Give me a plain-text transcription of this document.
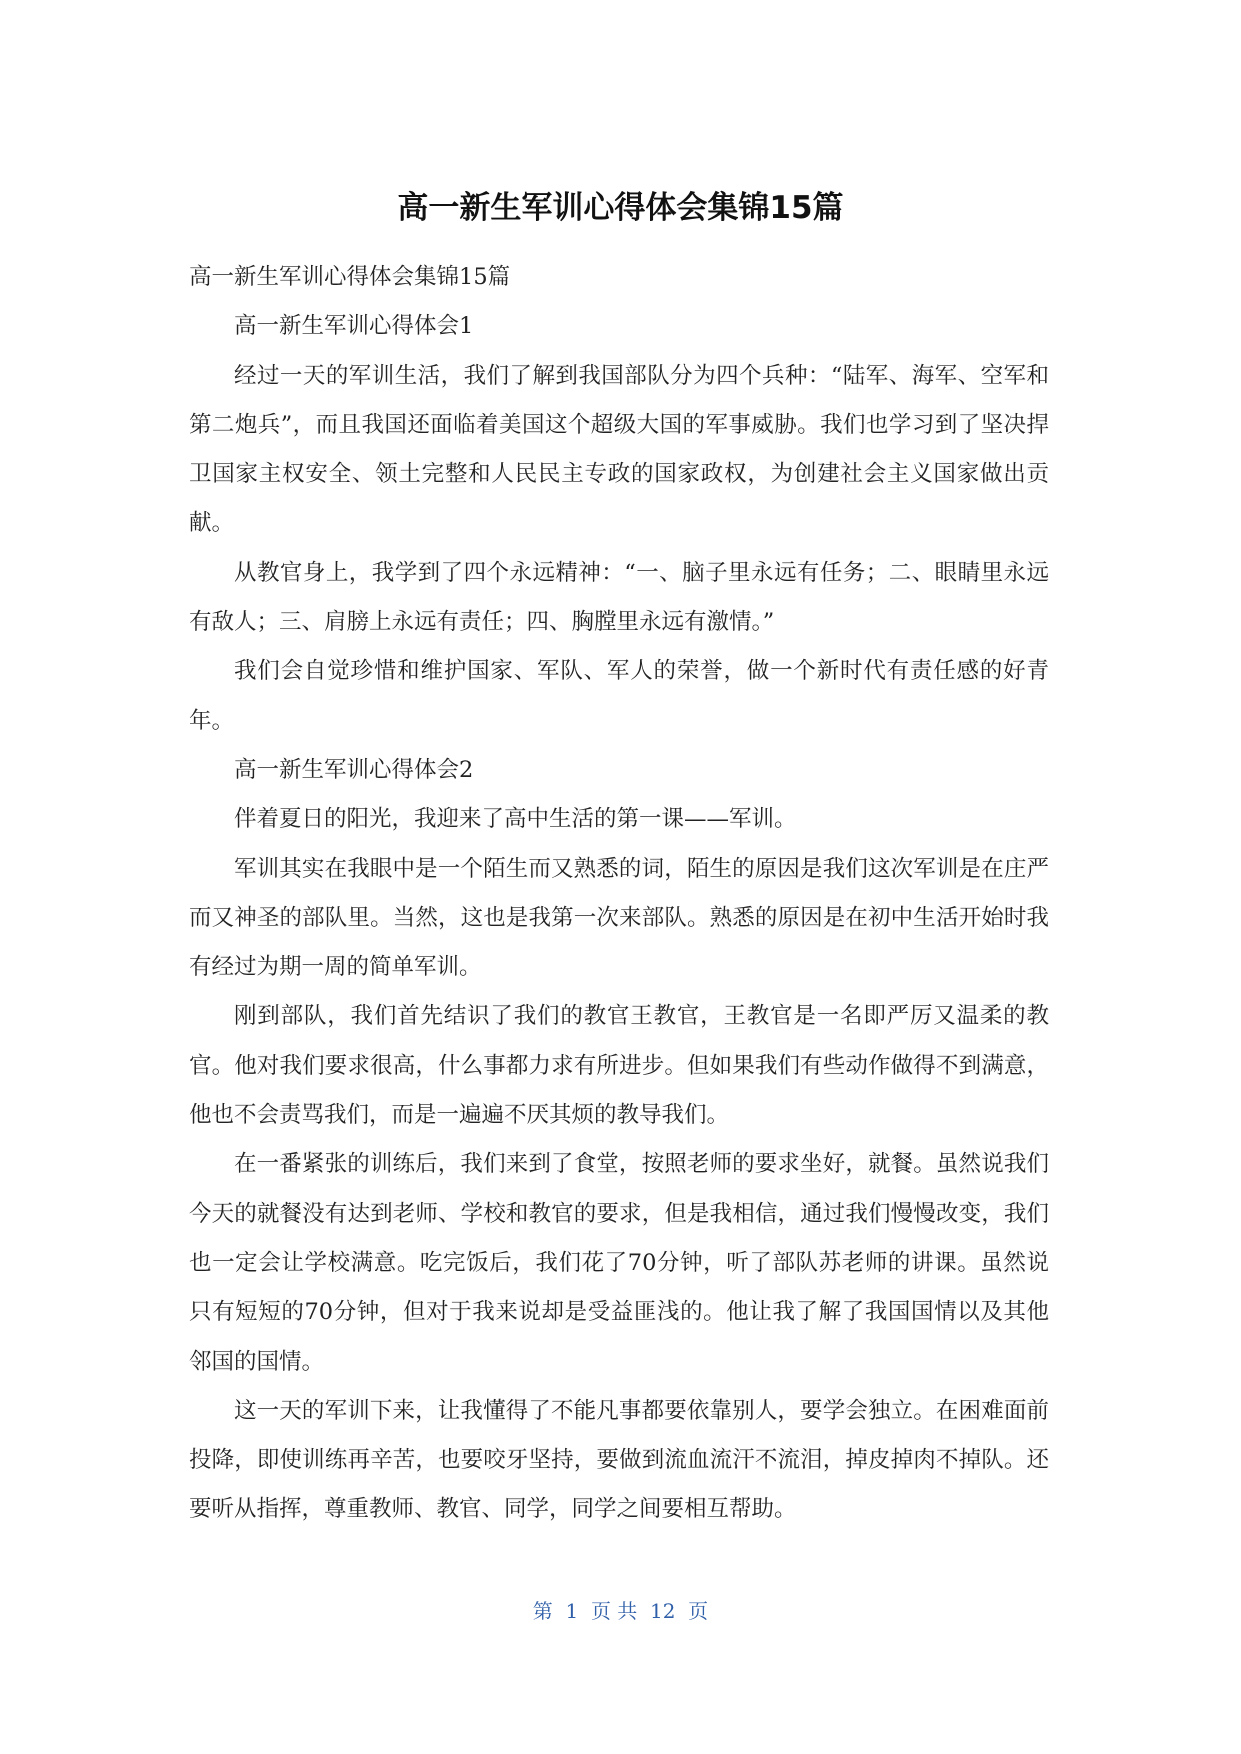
高一新生军训心得体会集锦15篇

高一新生军训心得体会集锦15篇

高一新生军训心得体会1

经过一天的军训生活，我们了解到我国部队分为四个兵种：“陆军、海军、空军和第二炮兵”，而且我国还面临着美国这个超级大国的军事威胁。我们也学习到了坚决捍卫国家主权安全、领土完整和人民民主专政的国家政权，为创建社会主义国家做出贡献。

从教官身上，我学到了四个永远精神：“一、脑子里永远有任务；二、眼睛里永远有敌人；三、肩膀上永远有责任；四、胸膛里永远有激情。”

我们会自觉珍惜和维护国家、军队、军人的荣誉，做一个新时代有责任感的好青年。

高一新生军训心得体会2

伴着夏日的阳光，我迎来了高中生活的第一课——军训。

军训其实在我眼中是一个陌生而又熟悉的词，陌生的原因是我们这次军训是在庄严而又神圣的部队里。当然，这也是我第一次来部队。熟悉的原因是在初中生活开始时我有经过为期一周的简单军训。

刚到部队，我们首先结识了我们的教官王教官，王教官是一名即严厉又温柔的教官。他对我们要求很高，什么事都力求有所进步。但如果我们有些动作做得不到满意，他也不会责骂我们，而是一遍遍不厌其烦的教导我们。

在一番紧张的训练后，我们来到了食堂，按照老师的要求坐好，就餐。虽然说我们今天的就餐没有达到老师、学校和教官的要求，但是我相信，通过我们慢慢改变，我们也一定会让学校满意。吃完饭后，我们花了70分钟，听了部队苏老师的讲课。虽然说只有短短的70分钟，但对于我来说却是受益匪浅的。他让我了解了我国国情以及其他邻国的国情。

这一天的军训下来，让我懂得了不能凡事都要依靠别人，要学会独立。在困难面前投降，即使训练再辛苦，也要咬牙坚持，要做到流血流汗不流泪，掉皮掉肉不掉队。还要听从指挥，尊重教师、教官、同学，同学之间要相互帮助。

第  1  页 共  12  页
